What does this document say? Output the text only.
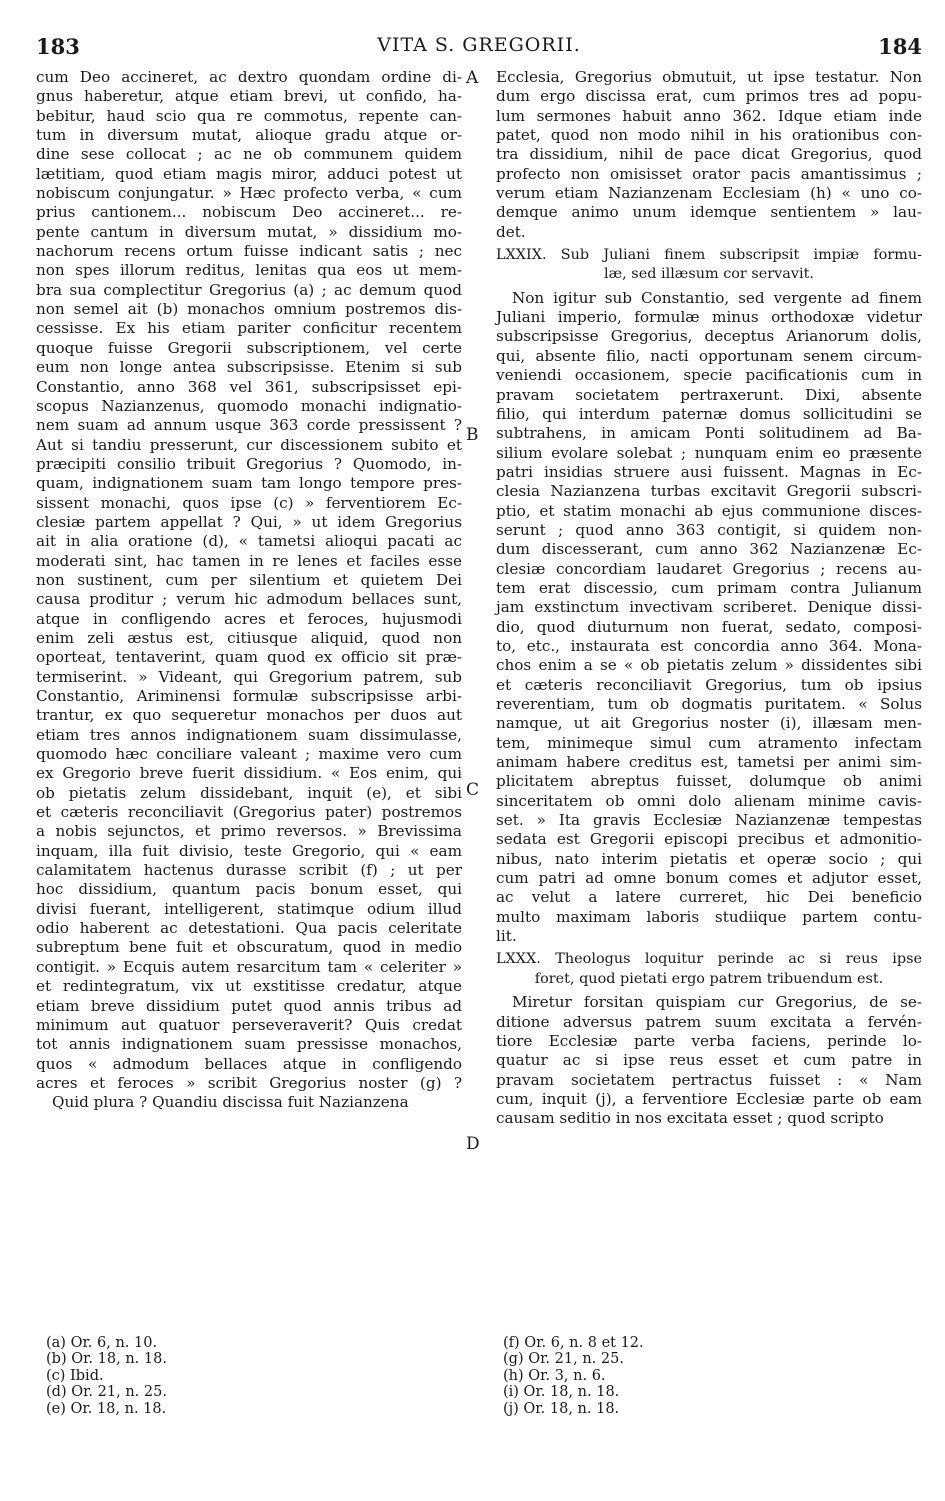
183	VITA S. GREGORII.	184
A
B
C
D
cum Deo accineret, ac dextro quondam ordine di-
gnus haberetur, atque etiam brevi, ut confido, ha-
bebitur, haud scio qua re commotus, repente can-
tum in diversum mutat, alioque gradu atque or-
dine sese collocat ; ac ne ob communem quidem
lætitiam, quod etiam magis miror, adduci potest ut
nobiscum conjungatur. » Hæc profecto verba, « cum
prius cantionem... nobiscum Deo accineret... re-
pente cantum in diversum mutat, » dissidium mo-
nachorum recens ortum fuisse indicant satis ; nec
non spes illorum reditus, lenitas qua eos ut mem-
bra sua complectitur Gregorius (a) ; ac demum quod
non semel ait (b) monachos omnium postremos dis-
cessisse. Ex his etiam pariter conficitur recentem
quoque fuisse Gregorii subscriptionem, vel certe
eum non longe antea subscripsisse. Etenim si sub
Constantio, anno 368 vel 361, subscripsisset epi-
scopus Nazianzenus, quomodo monachi indignatio-
nem suam ad annum usque 363 corde pressissent ?
Aut si tandiu presserunt, cur discessionem subito et
præcipiti consilio tribuit Gregorius ? Quomodo, in-
quam, indignationem suam tam longo tempore pres-
sissent monachi, quos ipse (c) » ferventiorem Ec-
clesiæ partem appellat ? Qui, » ut idem Gregorius
ait in alia oratione (d), « tametsi alioqui pacati ac
moderati sint, hac tamen in re lenes et faciles esse
non sustinent, cum per silentium et quietem Dei
causa proditur ; verum hic admodum bellaces sunt,
atque in confligendo acres et feroces, hujusmodi
enim zeli æstus est, citiusque aliquid, quod non
oporteat, tentaverint, quam quod ex officio sit præ-
termiserint. » Videant, qui Gregorium patrem, sub
Constantio, Ariminensi formulæ subscripsisse arbi-
trantur, ex quo sequeretur monachos per duos aut
etiam tres annos indignationem suam dissimulasse,
quomodo hæc conciliare valeant ; maxime vero cum
ex Gregorio breve fuerit dissidium. « Eos enim, qui
ob pietatis zelum dissidebant, inquit (e), et sibi
et cæteris reconciliavit (Gregorius pater) postremos
a nobis sejunctos, et primo reversos. » Brevissima
inquam, illa fuit divisio, teste Gregorio, qui « eam
calamitatem hactenus durasse scribit (f) ; ut per
hoc dissidium, quantum pacis bonum esset, qui
divisi fuerant, intelligerent, statimque odium illud
odio haberent ac detestationi. Qua pacis celeritate
subreptum bene fuit et obscuratum, quod in medio
contigit. » Ecquis autem resarcitum tam « celeriter »
et redintegratum, vix ut exstitisse credatur, atque
etiam breve dissidium putet quod annis tribus ad
minimum aut quatuor perseveraverit? Quis credat
tot annis indignationem suam pressisse monachos,
quos « admodum bellaces atque in confligendo
acres et feroces » scribit Gregorius noster (g) ?
Quid plura ? Quandiu discissa fuit Nazianzena
Ecclesia, Gregorius obmutuit, ut ipse testatur. Non
dum ergo discissa erat, cum primos tres ad popu-
lum sermones habuit anno 362. Idque etiam inde
patet, quod non modo nihil in his orationibus con-
tra dissidium, nihil de pace dicat Gregorius, quod
profecto non omisisset orator pacis amantissimus ;
verum etiam Nazianzenam Ecclesiam (h) « uno co-
demque animo unum idemque sentientem » lau-
det.
LXXIX. Sub Juliani finem subscripsit impiæ formu-
læ, sed illæsum cor servavit.
Non igitur sub Constantio, sed vergente ad finem
Juliani imperio, formulæ minus orthodoxæ videtur
subscripsisse Gregorius, deceptus Arianorum dolis,
qui, absente filio, nacti opportunam senem circum-
veniendi occasionem, specie pacificationis cum in
pravam societatem pertraxerunt. Dixi, absente
filio, qui interdum paternæ domus sollicitudini se
subtrahens, in amicam Ponti solitudinem ad Ba-
silium evolare solebat ; nunquam enim eo præsente
patri insidias struere ausi fuissent. Magnas in Ec-
clesia Nazianzena turbas excitavit Gregorii subscri-
ptio, et statim monachi ab ejus communione disces-
serunt ; quod anno 363 contigit, si quidem non-
dum discesserant, cum anno 362 Nazianzenæ Ec-
clesiæ concordiam laudaret Gregorius ; recens au-
tem erat discessio, cum primam contra Julianum
jam exstinctum invectivam scriberet. Denique dissi-
dio, quod diuturnum non fuerat, sedato, composi-
to, etc., instaurata est concordia anno 364. Mona-
chos enim a se « ob pietatis zelum » dissidentes sibi
et cæteris reconciliavit Gregorius, tum ob ipsius
reverentiam, tum ob dogmatis puritatem. « Solus
namque, ut ait Gregorius noster (i), illæsam men-
tem, minimeque simul cum atramento infectam
animam habere creditus est, tametsi per animi sim-
plicitatem abreptus fuisset, dolumque ob animi
sinceritatem ob omni dolo alienam minime cavis-
set. » Ita gravis Ecclesiæ Nazianzenæ tempestas
sedata est Gregorii episcopi precibus et admonitio-
nibus, nato interim pietatis et operæ socio ; qui
cum patri ad omne bonum comes et adjutor esset,
ac velut a latere curreret, hic Dei beneficio
multo maximam laboris studiique partem contu-
lit.
LXXX. Theologus loquitur perinde ac si reus ipse
foret, quod pietati ergo patrem tribuendum est.
Miretur forsitan quispiam cur Gregorius, de se-
ditione adversus patrem suum excitata a fervén-
tiore Ecclesiæ parte verba faciens, perinde lo-
quatur ac si ipse reus esset et cum patre in
pravam societatem pertractus fuisset : « Nam
cum, inquit (j), a ferventiore Ecclesiæ parte ob eam
causam seditio in nos excitata esset ; quod scripto
(a) Or. 6, n. 10.
(b) Or. 18, n. 18.
(c) Ibid.
(d) Or. 21, n. 25.
(e) Or. 18, n. 18.
(f) Or. 6, n. 8 et 12.
(g) Or. 21, n. 25.
(h) Or. 3, n. 6.
(i) Or. 18, n. 18.
(j) Or. 18, n. 18.
